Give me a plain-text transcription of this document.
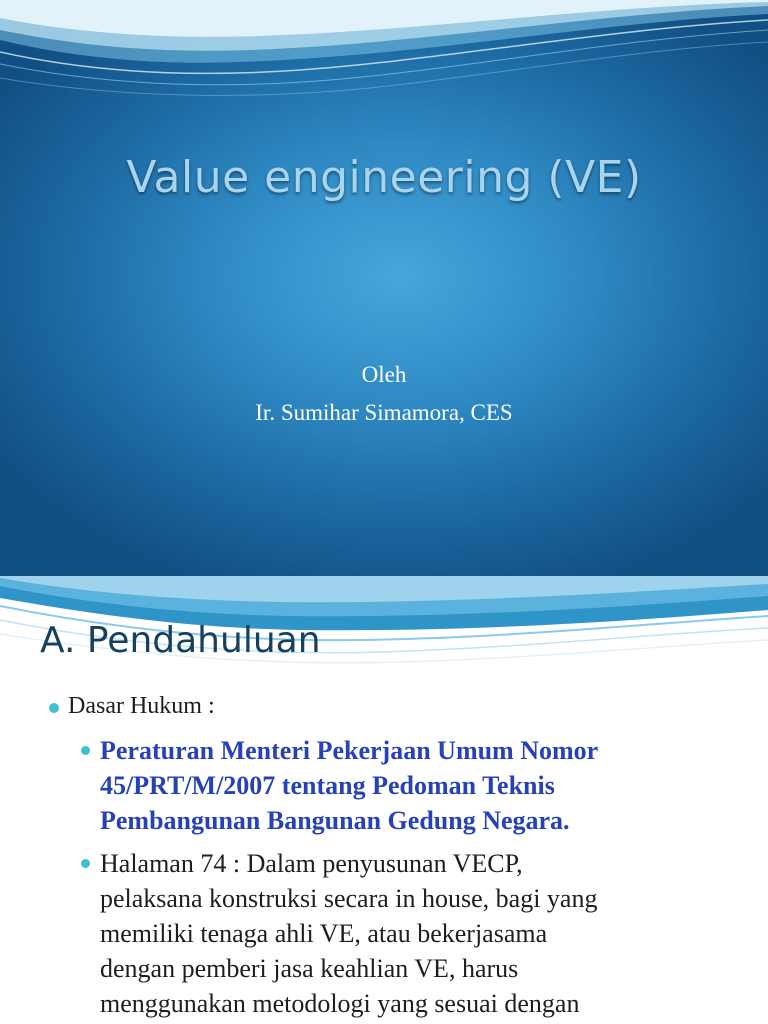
Value engineering (VE)
Oleh
Ir. Sumihar Simamora, CES
A. Pendahuluan
Dasar Hukum :
Peraturan Menteri Pekerjaan Umum Nomor
45/PRT/M/2007 tentang Pedoman Teknis
Pembangunan Bangunan Gedung Negara.
Halaman 74 : Dalam penyusunan VECP,
pelaksana konstruksi secara in house, bagi yang
memiliki tenaga ahli VE, atau bekerjasama
dengan pemberi jasa keahlian VE, harus
menggunakan metodologi yang sesuai dengan
